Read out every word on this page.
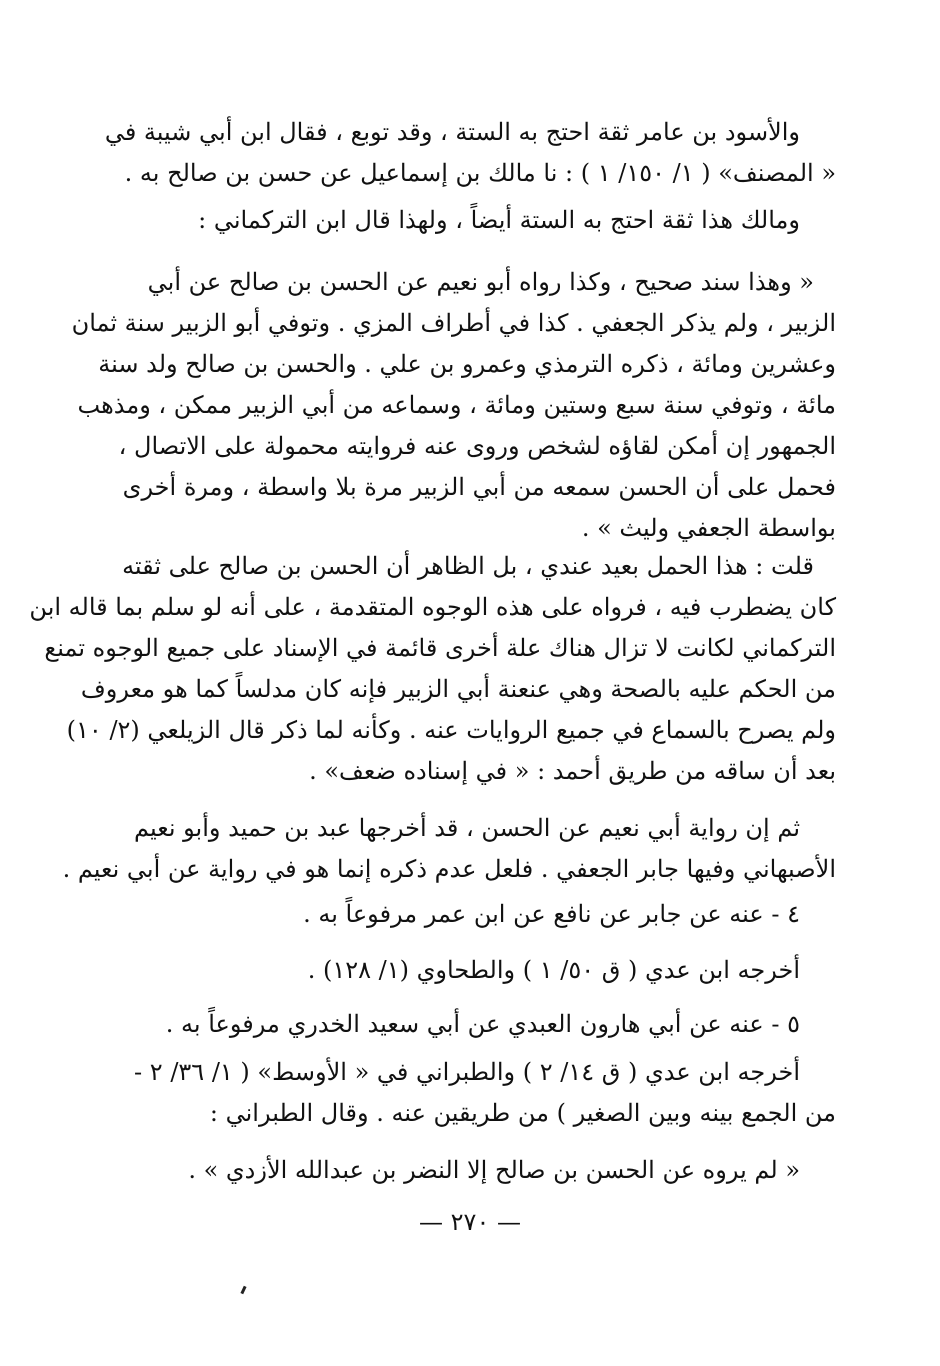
والأسود بن عامر ثقة احتج به الستة ، وقد توبع ، فقال ابن أبي شيبة في
« المصنف» ( ١/ ١٥٠/ ١ ) : نا مالك بن إسماعيل عن حسن بن صالح به .
ومالك هذا ثقة احتج به الستة أيضاً ، ولهذا قال ابن التركماني :
« وهذا سند صحيح ، وكذا رواه أبو نعيم عن الحسن بن صالح عن أبي
الزبير ، ولم يذكر الجعفي . كذا في أطراف المزي . وتوفي أبو الزبير سنة ثمان
وعشرين ومائة ، ذكره الترمذي وعمرو بن علي . والحسن بن صالح ولد سنة
مائة ، وتوفي سنة سبع وستين ومائة ، وسماعه من أبي الزبير ممكن ، ومذهب
الجمهور إن أمكن لقاؤه لشخص وروى عنه فروايته محمولة على الاتصال ،
فحمل على أن الحسن سمعه من أبي الزبير مرة بلا واسطة ، ومرة أخرى
بواسطة الجعفي وليث » .
قلت : هذا الحمل بعيد عندي ، بل الظاهر أن الحسن بن صالح على ثقته
كان يضطرب فيه ، فرواه على هذه الوجوه المتقدمة ، على أنه لو سلم بما قاله ابن
التركماني لكانت لا تزال هناك علة أخرى قائمة في الإسناد على جميع الوجوه تمنع
من الحكم عليه بالصحة وهي عنعنة أبي الزبير فإنه كان مدلساً كما هو معروف
ولم يصرح بالسماع في جميع الروايات عنه . وكأنه لما ذكر قال الزيلعي (٢/ ١٠)
بعد أن ساقه من طريق أحمد : « في إسناده ضعف» .
ثم إن رواية أبي نعيم عن الحسن ، قد أخرجها عبد بن حميد وأبو نعيم
الأصبهاني وفيها جابر الجعفي . فلعل عدم ذكره إنما هو في رواية عن أبي نعيم .
٤ - عنه عن جابر عن نافع عن ابن عمر مرفوعاً به .
أخرجه ابن عدي ( ق ٥٠/ ١ ) والطحاوي (١/ ١٢٨) .
٥ - عنه عن أبي هارون العبدي عن أبي سعيد الخدري مرفوعاً به .
أخرجه ابن عدي ( ق ١٤/ ٢ ) والطبراني في « الأوسط» ( ١/ ٣٦/ ٢ -
من الجمع بينه وبين الصغير ) من طريقين عنه . وقال الطبراني :
« لم يروه عن الحسن بن صالح إلا النضر بن عبدالله الأزدي » .
— ٢٧٠ —
